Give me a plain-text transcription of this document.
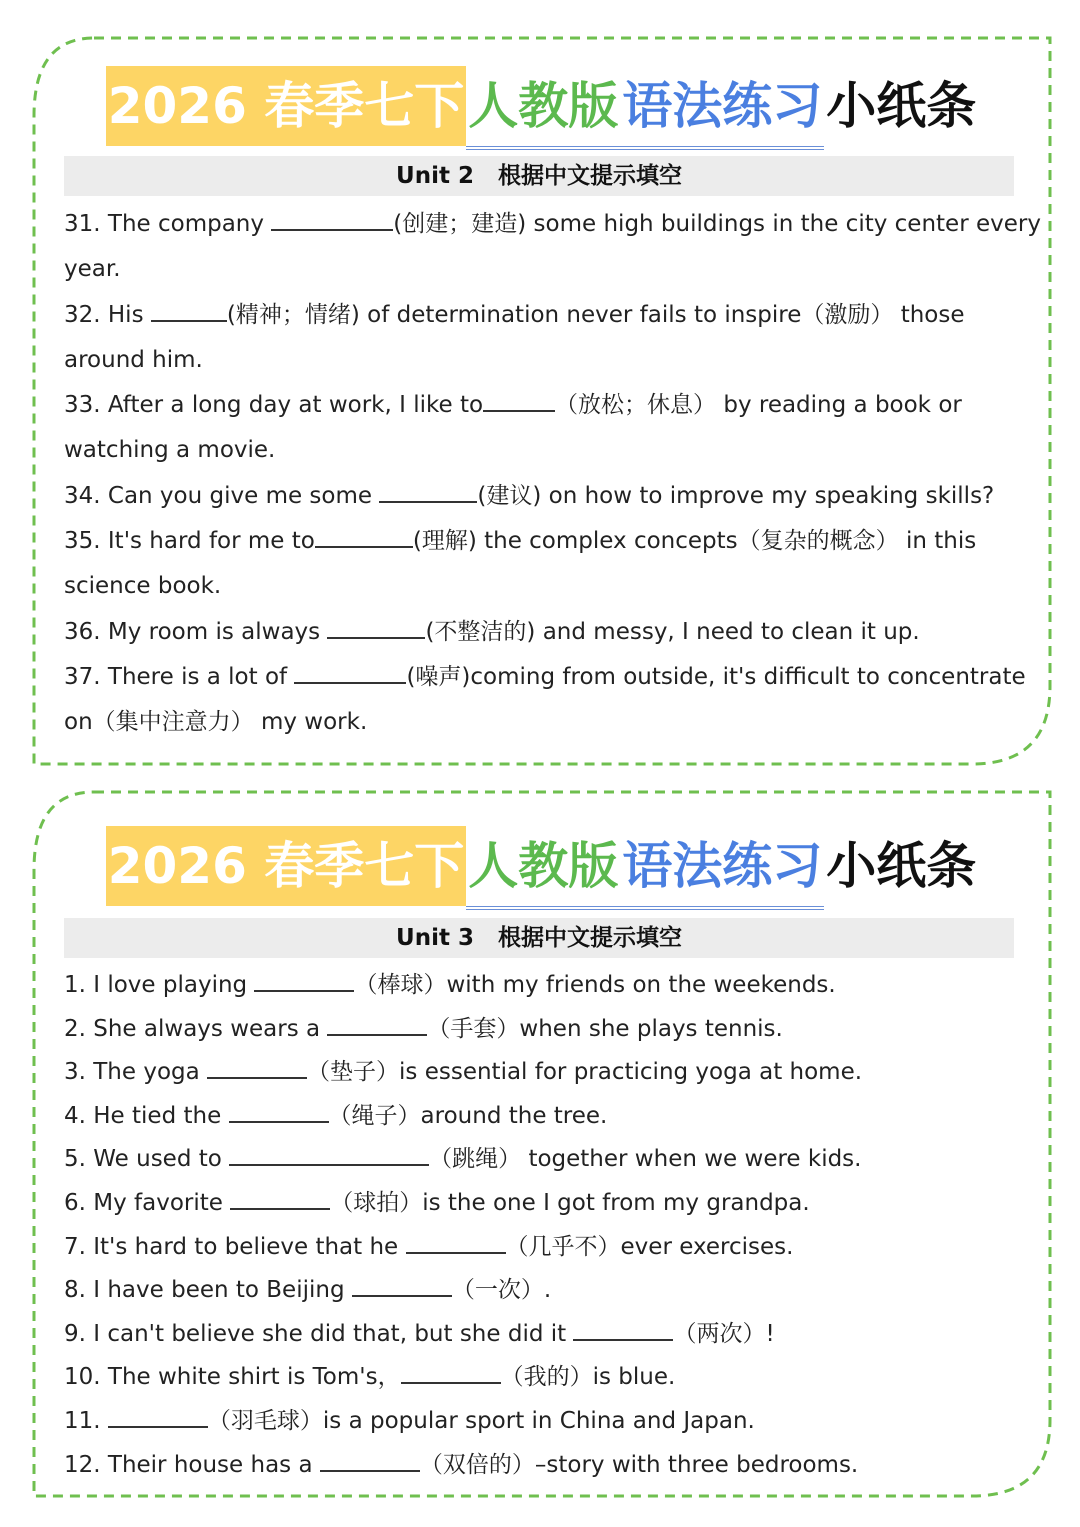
2026 春季七下人教版语法练习小纸条
Unit 2 根据中文提示填空
31. The company	(创建；建造) some high buildings in the city center every
year.
32. His	(精神；情绪) of determination never fails to inspire（激励） those
around him.
33. After a long day at work, I like to	（放松；休息） by reading a book or
watching a movie.
34. Can you give me some	(建议) on how to improve my speaking skills?
35. It's hard for me to	(理解) the complex concepts（复杂的概念） in this
science book.
36. My room is always	(不整洁的) and messy, I need to clean it up.
37. There is a lot of	(噪声)coming from outside, it's difficult to concentrate
on（集中注意力） my work.
2026 春季七下人教版语法练习小纸条
Unit 3 根据中文提示填空
1. I love playing	（棒球）with my friends on the weekends.
2. She always wears a	（手套）when she plays tennis.
3. The yoga	（垫子）is essential for practicing yoga at home.
4. He tied the	（绳子）around the tree.
5. We used to	（跳绳） together when we were kids.
6. My favorite	（球拍）is the one I got from my grandpa.
7. It's hard to believe that he	（几乎不）ever exercises.
8. I have been to Beijing	（一次）.
9. I can't believe she did that, but she did it	（两次）!
10. The white shirt is Tom's，	（我的）is blue.
11.	（羽毛球）is a popular sport in China and Japan.
12. Their house has a	（双倍的）–story with three bedrooms.
